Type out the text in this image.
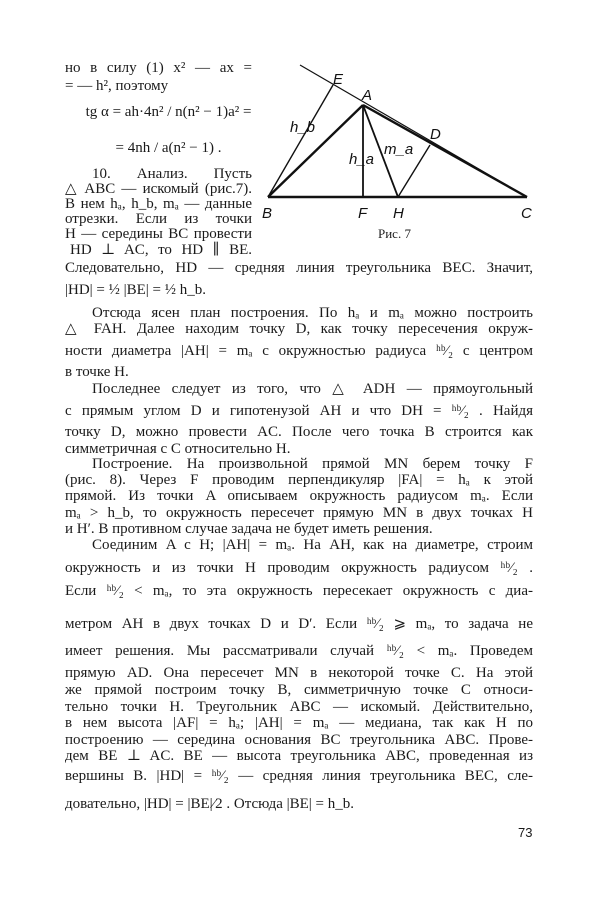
E
A
D
B	F H	C
h_b
h_a
m_a
Рис. 7
но в силу (1) x² — ax =
= — h², поэтому
tg α = ah·4n² / n(n² − 1)a² =
= 4nh / a(n² − 1) .
10. Анализ. Пусть
△ ABC — искомый (рис.7).
В нем hₐ, h_b, mₐ — данные
отрезки. Если из точки
H — середины BC провести
HD ⊥ AC, то HD ∥ BE.
Следовательно, HD — средняя линия треугольника BEC. Значит,
|HD| = ½ |BE| = ½ h_b.
Отсюда ясен план построения. По hₐ и mₐ можно построить
△ FAH. Далее находим точку D, как точку пересечения окруж-
ности диаметра |AH| = mₐ с окружностью радиуса ʰᵇ⁄₂ с центром
в точке H.
Последнее следует из того, что △ ADH — прямоугольный
с прямым углом D и гипотенузой AH и что DH = ʰᵇ⁄₂ . Найдя
точку D, можно провести AC. После чего точка B строится как
симметричная с C относительно H.
Построение. На произвольной прямой MN берем точку F
(рис. 8). Через F проводим перпендикуляр |FA| = hₐ к этой
прямой. Из точки A описываем окружность радиусом mₐ. Если
mₐ > h_b, то окружность пересечет прямую MN в двух точках H
и H′. В противном случае задача не будет иметь решения.
Соединим A с H; |AH| = mₐ. На AH, как на диаметре, строим
окружность и из точки H проводим окружность радиусом ʰᵇ⁄₂ .
Если ʰᵇ⁄₂ < mₐ, то эта окружность пересекает окружность с диа-
метром AH в двух точках D и D′. Если ʰᵇ⁄₂ ⩾ mₐ, то задача не
имеет решения. Мы рассматривали случай ʰᵇ⁄₂ < mₐ. Проведем
прямую AD. Она пересечет MN в некоторой точке C. На этой
же прямой построим точку B, симметричную точке C относи-
тельно точки H. Треугольник ABC — искомый. Действительно,
в нем высота |AF| = hₐ; |AH| = mₐ — медиана, так как H по
построению — середина основания BC треугольника ABC. Прове-
дем BE ⊥ AC. BE — высота треугольника ABC, проведенная из
вершины B. |HD| = ʰᵇ⁄₂ — средняя линия треугольника BEC, сле-
довательно, |HD| = |BE|⁄2 . Отсюда |BE| = h_b.
73
